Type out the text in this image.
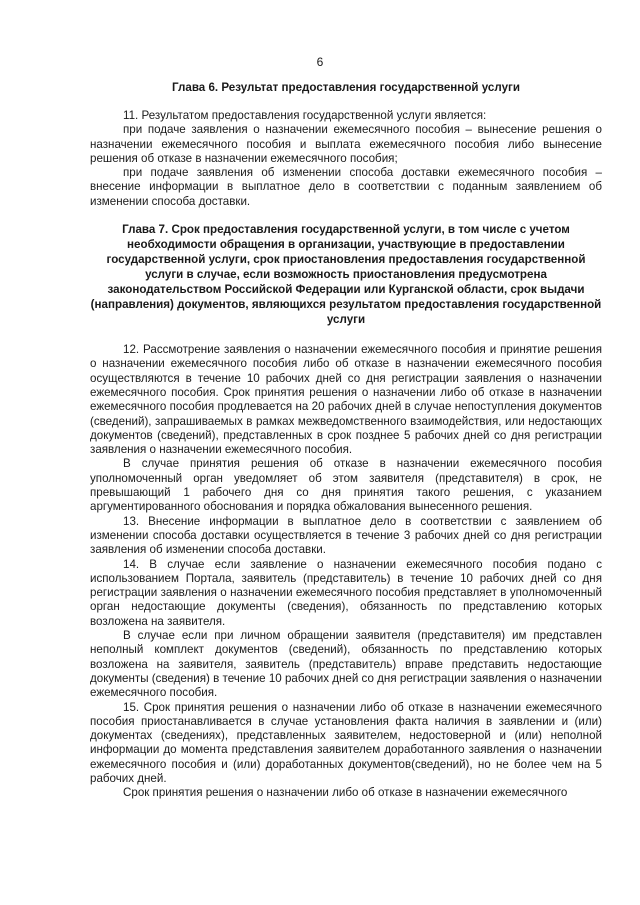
6
Глава 6. Результат предоставления государственной услуги

11. Результатом предоставления государственной услуги является:

при подаче заявления о назначении ежемесячного пособия – вынесение решения о назначении ежемесячного пособия и выплата ежемесячного пособия либо вынесение решения об отказе в назначении ежемесячного пособия;

при подаче заявления об изменении способа доставки ежемесячного пособия – внесение информации в выплатное дело в соответствии с поданным заявлением об изменении способа доставки.

Глава 7. Срок предоставления государственной услуги, в том числе с учетом необходимости обращения в организации, участвующие в предоставлении государственной услуги, срок приостановления предоставления государственной услуги в случае, если возможность приостановления предусмотрена законодательством Российской Федерации или Курганской области, срок выдачи (направления) документов, являющихся результатом предоставления государственной услуги

12. Рассмотрение заявления о назначении ежемесячного пособия и принятие решения о назначении ежемесячного пособия либо об отказе в назначении ежемесячного пособия осуществляются в течение 10 рабочих дней со дня регистрации заявления о назначении ежемесячного пособия. Срок принятия решения о назначении либо об отказе в назначении ежемесячного пособия продлевается на 20 рабочих дней в случае непоступления документов (сведений), запрашиваемых в рамках межведомственного взаимодействия, или недостающих документов (сведений), представленных в срок позднее 5 рабочих дней со дня регистрации заявления о назначении ежемесячного пособия.

В случае принятия решения об отказе в назначении ежемесячного пособия уполномоченный орган уведомляет об этом заявителя (представителя) в срок, не превышающий 1 рабочего дня со дня принятия такого решения, с указанием аргументированного обоснования и порядка обжалования вынесенного решения.

13. Внесение информации в выплатное дело в соответствии с заявлением об изменении способа доставки осуществляется в течение 3 рабочих дней со дня регистрации заявления об изменении способа доставки.

14. В случае если заявление о назначении ежемесячного пособия подано с использованием Портала, заявитель (представитель) в течение 10 рабочих дней со дня регистрации заявления о назначении ежемесячного пособия представляет в уполномоченный орган недостающие документы (сведения), обязанность по представлению которых возложена на заявителя.

В случае если при личном обращении заявителя (представителя) им представлен неполный комплект документов (сведений), обязанность по представлению которых возложена на заявителя, заявитель (представитель) вправе представить недостающие документы (сведения) в течение 10 рабочих дней со дня регистрации заявления о назначении ежемесячного пособия.

15. Срок принятия решения о назначении либо об отказе в назначении ежемесячного пособия приостанавливается в случае установления факта наличия в заявлении и (или) документах (сведениях), представленных заявителем, недостоверной и (или) неполной информации до момента представления заявителем доработанного заявления о назначении ежемесячного пособия и (или) доработанных документов(сведений), но не более чем на 5 рабочих дней.

Срок принятия решения о назначении либо об отказе в назначении ежемесячного
